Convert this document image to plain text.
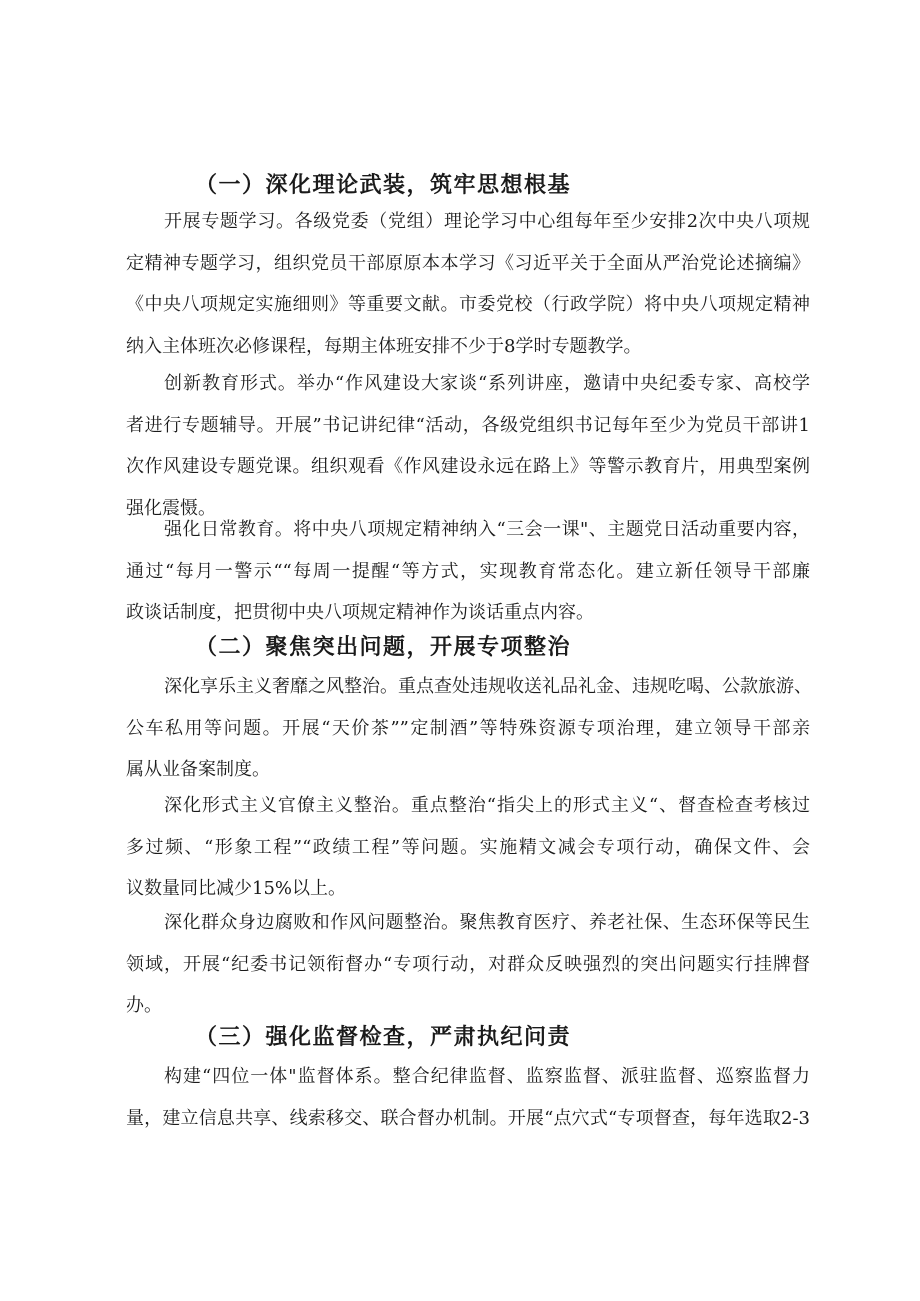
（一）深化理论武装，筑牢思想根基

开展专题学习。各级党委（党组）理论学习中心组每年至少安排2次中央八项规
定精神专题学习，组织党员干部原原本本学习《习近平关于全面从严治党论述摘编》
《中央八项规定实施细则》等重要文献。市委党校（行政学院）将中央八项规定精神
纳入主体班次必修课程，每期主体班安排不少于8学时专题教学。

创新教育形式。举办“作风建设大家谈“系列讲座，邀请中央纪委专家、高校学
者进行专题辅导。开展”书记讲纪律“活动，各级党组织书记每年至少为党员干部讲1
次作风建设专题党课。组织观看《作风建设永远在路上》等警示教育片，用典型案例
强化震慑。

强化日常教育。将中央八项规定精神纳入“三会一课"、主题党日活动重要内容，
通过“每月一警示““每周一提醒“等方式，实现教育常态化。建立新任领导干部廉
政谈话制度，把贯彻中央八项规定精神作为谈话重点内容。

（二）聚焦突出问题，开展专项整治

深化享乐主义奢靡之风整治。重点查处违规收送礼品礼金、违规吃喝、公款旅游、
公车私用等问题。开展“天价茶””定制酒”等特殊资源专项治理，建立领导干部亲
属从业备案制度。

深化形式主义官僚主义整治。重点整治“指尖上的形式主义“、督查检查考核过
多过频、“形象工程”“政绩工程”等问题。实施精文减会专项行动，确保文件、会
议数量同比减少15%以上。

深化群众身边腐败和作风问题整治。聚焦教育医疗、养老社保、生态环保等民生
领域，开展“纪委书记领衔督办“专项行动，对群众反映强烈的突出问题实行挂牌督
办。

（三）强化监督检查，严肃执纪问责

构建“四位一体"监督体系。整合纪律监督、监察监督、派驻监督、巡察监督力
量，建立信息共享、线索移交、联合督办机制。开展“点穴式“专项督查，每年选取2-3
